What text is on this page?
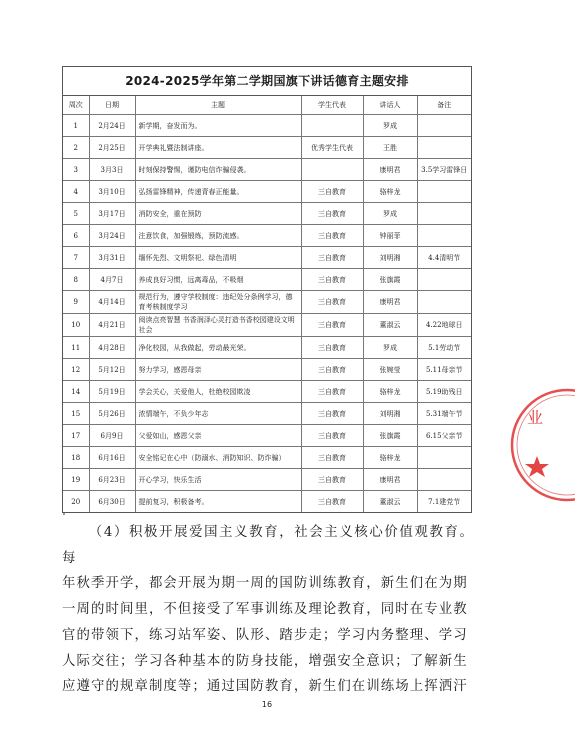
2024-2025学年第二学期国旗下讲话德育主题安排
周次	日期	主题	学生代表	讲话人	备注
1	2月24日	新学期，奋发而为。		罗成	
2	2月25日	开学典礼暨法制讲座。	优秀学生代表	王胜	
3	3月3日	时刻保持警惕，谨防电信诈骗侵袭。		康明君	3.5学习雷锋日
4	3月10日	弘扬雷锋精神，传递青春正能量。	三自教育	骆梓龙	
5	3月17日	消防安全，重在预防	三自教育	罗成	
6	3月24日	注意饮食，加强锻炼，预防流感。	三自教育	钟丽菲	
7	3月31日	缅怀先烈、文明祭祀、绿色清明	三自教育	刘明湘	4.4清明节
8	4月7日	养成良好习惯，远离毒品，不吸烟	三自教育	张旗霞	
9	4月14日	规范行为，遵守学校制度：违纪处分条例学习，德育考核制度学习	三自教育	康明君	
10	4月21日	阅读点亮智慧 书香润泽心灵打造书香校园建设文明社会	三自教育	董淑云	4.22地球日
11	4月28日	净化校园，从我做起，劳动最光荣。	三自教育	罗成	5.1劳动节
12	5月12日	努力学习，感恩母亲	三自教育	张婉莹	5.11母亲节
14	5月19日	学会关心，关爱他人，杜绝校园欺凌	三自教育	骆梓龙	5.19助残日
15	5月26日	浓情端午，不负少年志	三自教育	刘明湘	5.31端午节
17	6月9日	父爱如山，感恩父亲	三自教育	张旗霞	6.15父亲节
18	6月16日	安全铭记在心中（防溺水、消防知识、防诈骗）	三自教育	骆梓龙	
19	6月23日	开心学习，快乐生活	三自教育	康明君	
20	6月30日	提前复习，积极备考。	三自教育	董淑云	7.1建党节
（4）积极开展爱国主义教育，社会主义核心价值观教育。每
年秋季开学，都会开展为期一周的国防训练教育，新生们在为期
一周的时间里，不但接受了军事训练及理论教育，同时在专业教
官的带领下，练习站军姿、队形、踏步走；学习内务整理、学习
人际交往；学习各种基本的防身技能，增强安全意识；了解新生
应遵守的规章制度等；通过国防教育，新生们在训练场上挥洒汗
16
业
